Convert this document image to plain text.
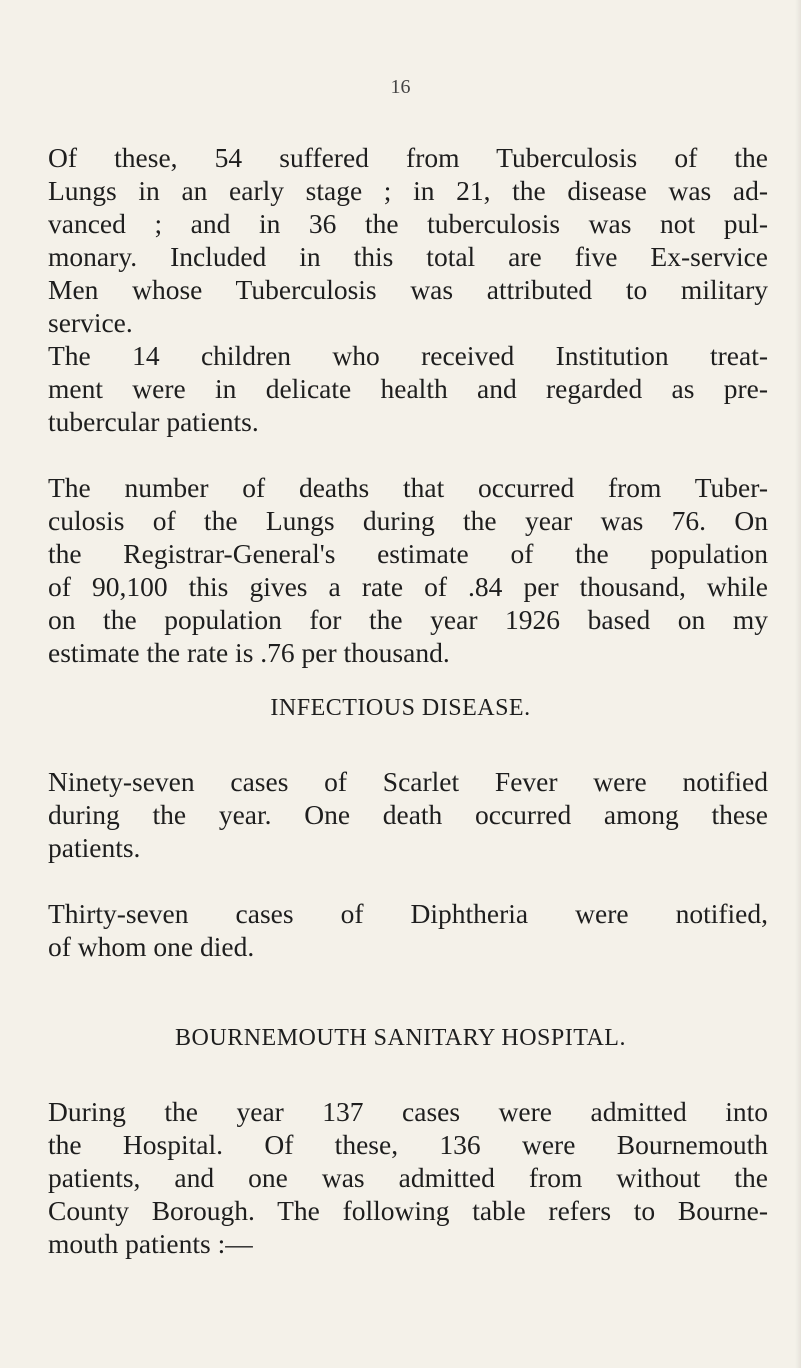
16
Of these, 54 suffered from Tuberculosis of the
Lungs in an early stage ; in 21, the disease was ad-
vanced ; and in 36 the tuberculosis was not pul-
monary. Included in this total are five Ex-service
Men whose Tuberculosis was attributed to military
service.
The 14 children who received Institution treat-
ment were in delicate health and regarded as pre-
tubercular patients.
The number of deaths that occurred from Tuber-
culosis of the Lungs during the year was 76. On
the Registrar-General's estimate of the population
of 90,100 this gives a rate of .84 per thousand, while
on the population for the year 1926 based on my
estimate the rate is .76 per thousand.
INFECTIOUS DISEASE.
Ninety-seven cases of Scarlet Fever were notified
during the year. One death occurred among these
patients.
Thirty-seven cases of Diphtheria were notified,
of whom one died.
BOURNEMOUTH SANITARY HOSPITAL.
During the year 137 cases were admitted into
the Hospital. Of these, 136 were Bournemouth
patients, and one was admitted from without the
County Borough. The following table refers to Bourne-
mouth patients :—
